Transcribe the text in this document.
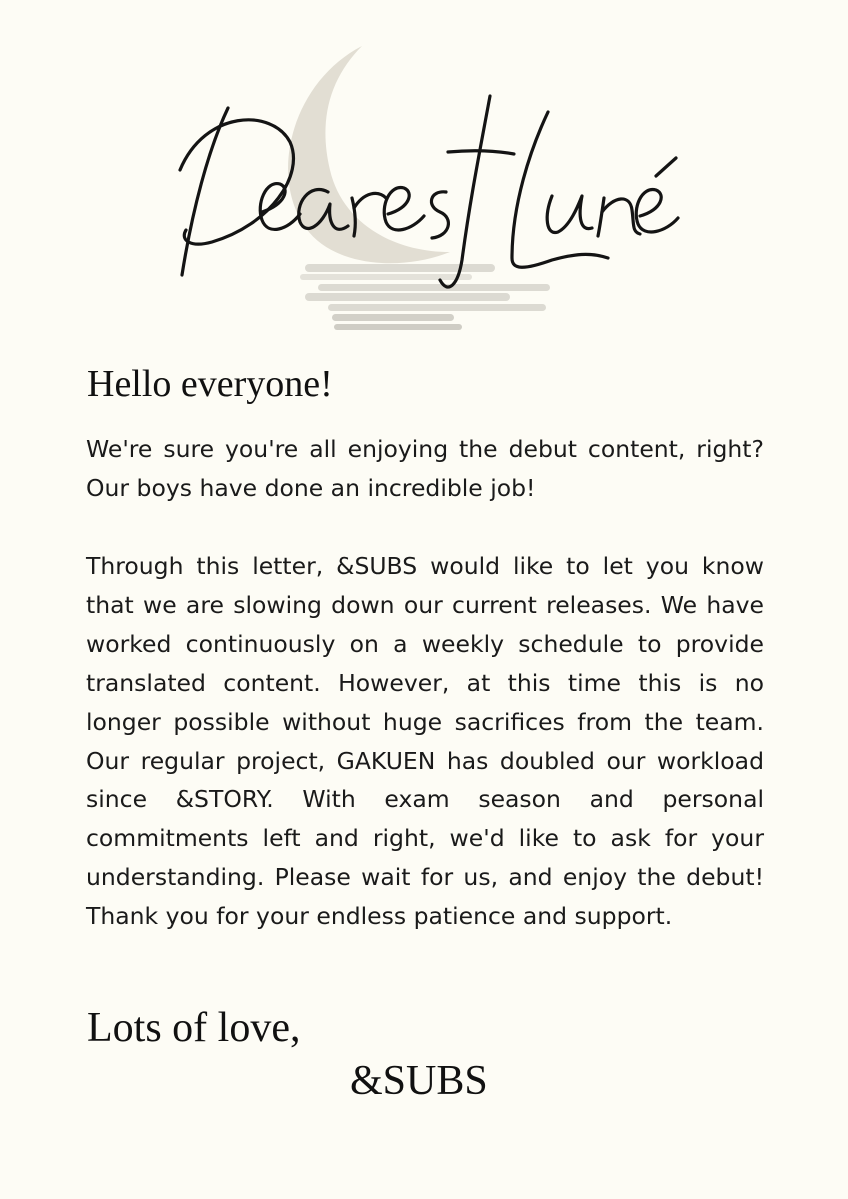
Hello everyone!

We're sure you're all enjoying the debut content, right? Our boys have done an incredible job!

Through this letter, &SUBS would like to let you know that we are slowing down our current releases. We have worked continuously on a weekly schedule to provide translated content. However, at this time this is no longer possible without huge sacrifices from the team. Our regular project, GAKUEN has doubled our workload since &STORY. With exam season and personal commitments left and right, we'd like to ask for your understanding. Please wait for us, and enjoy the debut! Thank you for your endless patience and support.

Lots of love,

&SUBS
